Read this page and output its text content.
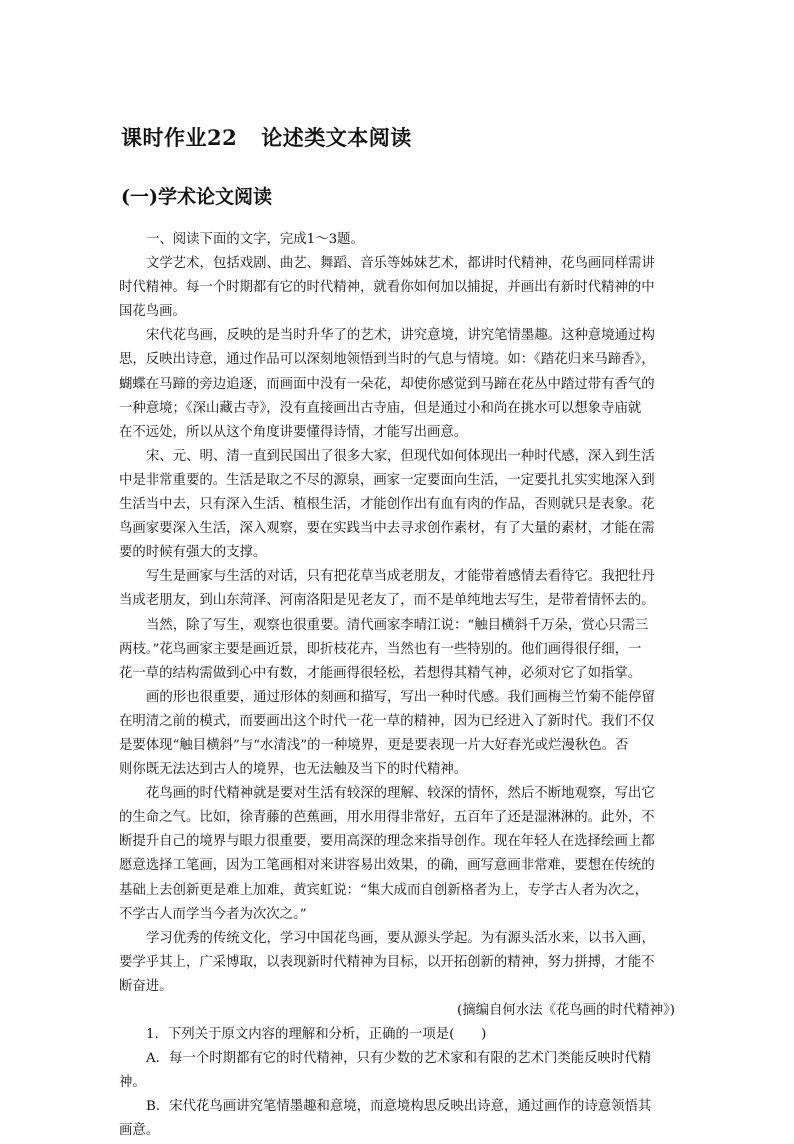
课时作业22 论述类文本阅读
(一)学术论文阅读
一、阅读下面的文字，完成1～3题。
文学艺术，包括戏剧、曲艺、舞蹈、音乐等姊妹艺术，都讲时代精神，花鸟画同样需讲
时代精神。每一个时期都有它的时代精神，就看你如何加以捕捉，并画出有新时代精神的中
国花鸟画。
宋代花鸟画，反映的是当时升华了的艺术，讲究意境，讲究笔情墨趣。这种意境通过构
思，反映出诗意，通过作品可以深刻地领悟到当时的气息与情境。如：《踏花归来马蹄香》，
蝴蝶在马蹄的旁边追逐，而画面中没有一朵花，却使你感觉到马蹄在花丛中踏过带有香气的
一种意境；《深山藏古寺》，没有直接画出古寺庙，但是通过小和尚在挑水可以想象寺庙就
在不远处，所以从这个角度讲要懂得诗情，才能写出画意。
宋、元、明、清一直到民国出了很多大家，但现代如何体现出一种时代感，深入到生活
中是非常重要的。生活是取之不尽的源泉，画家一定要面向生活，一定要扎扎实实地深入到
生活当中去，只有深入生活、植根生活，才能创作出有血有肉的作品，否则就只是表象。花
鸟画家要深入生活，深入观察，要在实践当中去寻求创作素材，有了大量的素材，才能在需
要的时候有强大的支撑。
写生是画家与生活的对话，只有把花草当成老朋友，才能带着感情去看待它。我把牡丹
当成老朋友，到山东菏泽、河南洛阳是见老友了，而不是单纯地去写生，是带着情怀去的。
当然，除了写生，观察也很重要。清代画家李晴江说：“触目横斜千万朵，赏心只需三
两枝。”花鸟画家主要是画近景，即折枝花卉，当然也有一些特别的。他们画得很仔细，一
花一草的结构需做到心中有数，才能画得很轻松，若想得其精气神，必须对它了如指掌。
画的形也很重要，通过形体的刻画和描写，写出一种时代感。我们画梅兰竹菊不能停留
在明清之前的模式，而要画出这个时代一花一草的精神，因为已经进入了新时代。我们不仅
是要体现“触目横斜”与“水清浅”的一种境界，更是要表现一片大好春光或烂漫秋色。否
则你既无法达到古人的境界，也无法触及当下的时代精神。
花鸟画的时代精神就是要对生活有较深的理解、较深的情怀，然后不断地观察，写出它
的生命之气。比如，徐青藤的芭蕉画，用水用得非常好，五百年了还是湿淋淋的。此外，不
断提升自己的境界与眼力很重要，要用高深的理念来指导创作。现在年轻人在选择绘画上都
愿意选择工笔画，因为工笔画相对来讲容易出效果，的确，画写意画非常难，要想在传统的
基础上去创新更是难上加难，黄宾虹说：“集大成而自创新格者为上，专学古人者为次之，
不学古人而学当今者为次次之。”
学习优秀的传统文化，学习中国花鸟画，要从源头学起。为有源头活水来，以书入画，
要学乎其上，广采博取，以表现新时代精神为目标，以开拓创新的精神，努力拼搏，才能不
断奋进。
(摘编自何水法《花鸟画的时代精神》)
1．下列关于原文内容的理解和分析，正确的一项是(　　)
A．每一个时期都有它的时代精神，只有少数的艺术家和有限的艺术门类能反映时代精
神。
B．宋代花鸟画讲究笔情墨趣和意境，而意境构思反映出诗意，通过画作的诗意领悟其
画意。
